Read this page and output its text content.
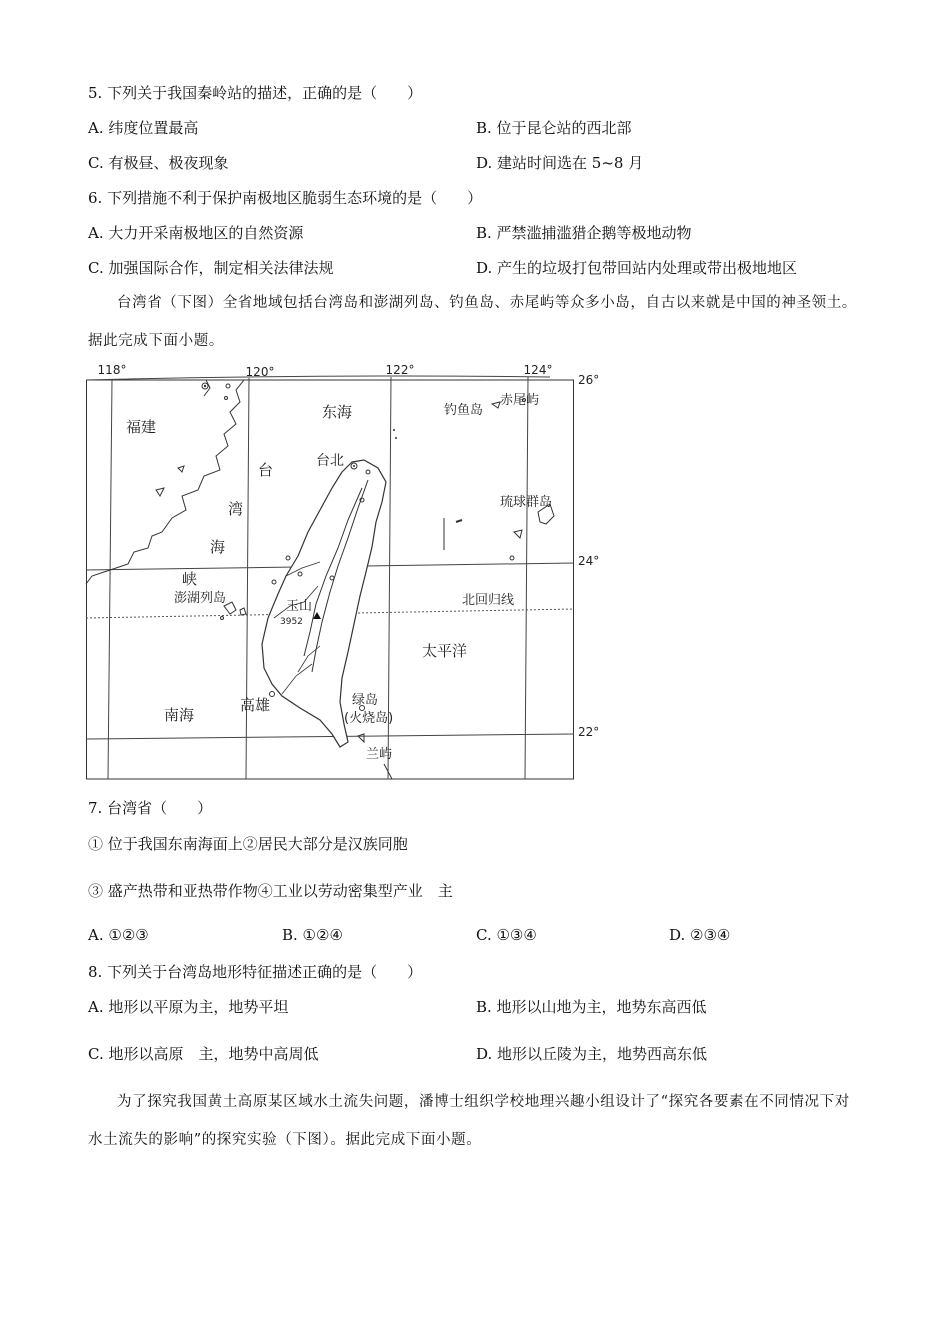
5. 下列关于我国秦岭站的描述，正确的是（　　）
A. 纬度位置最高	B. 位于昆仑站的西北部
C. 有极昼、极夜现象	D. 建站时间选在 5~8 月
6. 下列措施不利于保护南极地区脆弱生态环境的是（　　）
A. 大力开采南极地区的自然资源	B. 严禁滥捕滥猎企鹅等极地动物
C. 加强国际合作，制定相关法律法规	D. 产生的垃圾打包带回站内处理或带出极地地区
台湾省（下图）全省地域包括台湾岛和澎湖列岛、钓鱼岛、赤尾屿等众多小岛，自古以来就是中国的神圣领土。据此完成下面小题。
118°	120°	122°	124°
26°
24°
22°
福建
东海	钓鱼岛
赤尾屿
台
湾
海
峡
台北
琉球群岛
澎湖列岛
玉山
3952
北回归线
太平洋
南海
高雄	绿岛
(火烧岛)
兰屿
7. 台湾省（　　）
① 位于我国东南海面上②居民大部分是汉族同胞
③ 盛产热带和亚热带作物④工业以劳动密集型产业　主
A. ①②③	B. ①②④	C. ①③④	D. ②③④
8. 下列关于台湾岛地形特征描述正确的是（　　）
A. 地形以平原为主，地势平坦	B. 地形以山地为主，地势东高西低
C. 地形以高原　主，地势中高周低	D. 地形以丘陵为主，地势西高东低
为了探究我国黄土高原某区域水土流失问题，潘博士组织学校地理兴趣小组设计了“探究各要素在不同情况下对水土流失的影响”的探究实验（下图）。据此完成下面小题。
